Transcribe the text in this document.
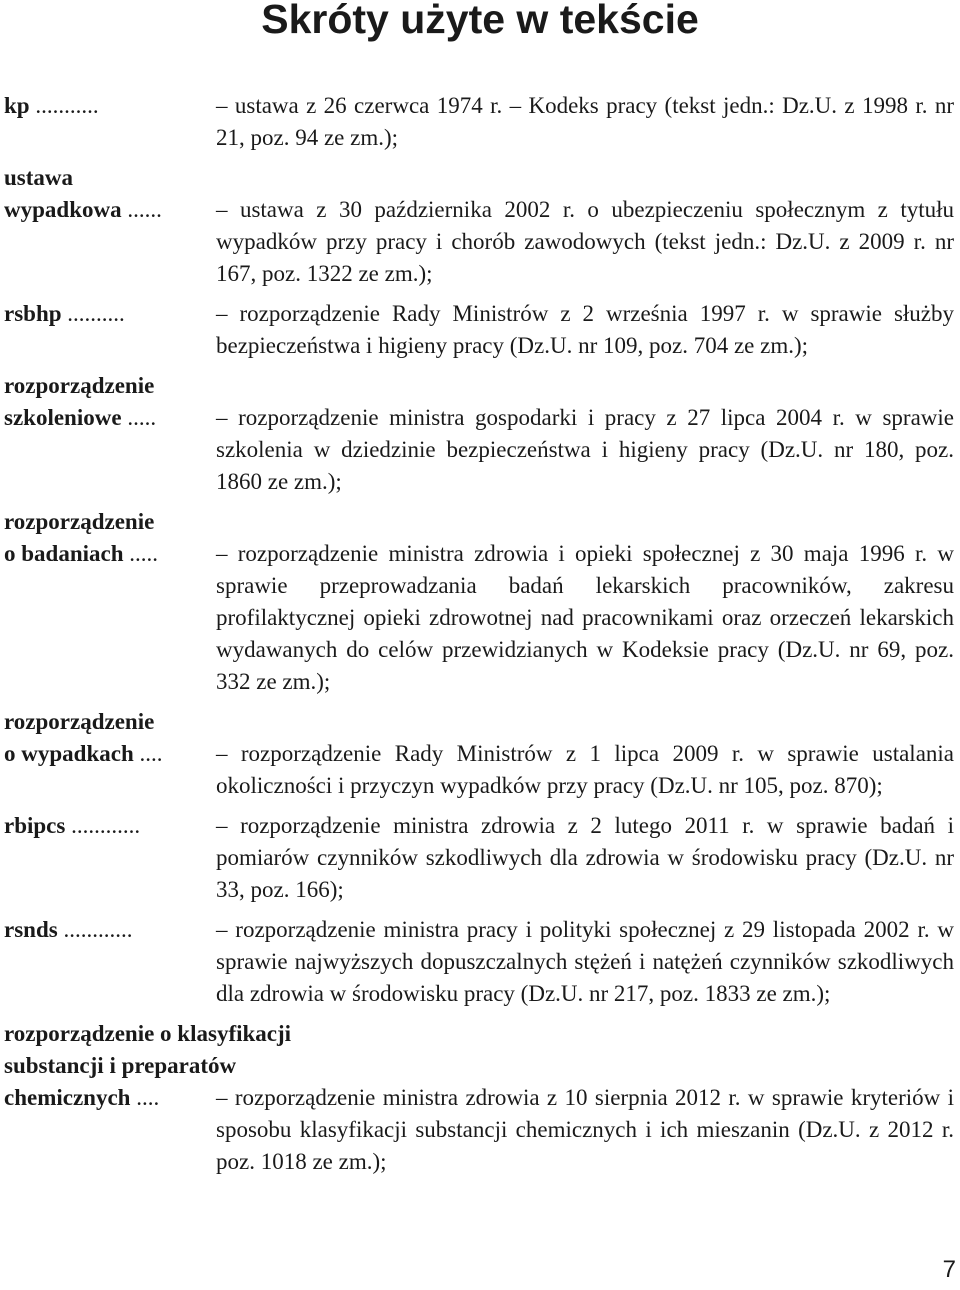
Skróty użyte w tekście
kp ...........	– ustawa z 26 czerwca 1974 r. – Kodeks pracy (tekst jedn.: Dz.U. z 1998 r. nr 21, poz. 94 ze zm.);
ustawa
wypadkowa ......	– ustawa z 30 października 2002 r. o ubezpieczeniu społecznym z tytułu wypadków przy pracy i chorób zawodowych (tekst jedn.: Dz.U. z 2009 r. nr 167, poz. 1322 ze zm.);
rsbhp ..........	– rozporządzenie Rady Ministrów z 2 września 1997 r. w sprawie służby bezpieczeństwa i higieny pracy (Dz.U. nr 109, poz. 704 ze zm.);
rozporządzenie
szkoleniowe .....	– rozporządzenie ministra gospodarki i pracy z 27 lipca 2004 r. w sprawie szkolenia w dziedzinie bezpieczeństwa i higieny pracy (Dz.U. nr 180, poz. 1860 ze zm.);
rozporządzenie
o badaniach .....	– rozporządzenie ministra zdrowia i opieki społecznej z 30 maja 1996 r. w sprawie przeprowadzania badań lekarskich pracowników, zakresu profilaktycznej opieki zdrowotnej nad pracownikami oraz orzeczeń lekarskich wydawanych do celów przewidzianych w Kodeksie pracy (Dz.U. nr 69, poz. 332 ze zm.);
rozporządzenie
o wypadkach ....	– rozporządzenie Rady Ministrów z 1 lipca 2009 r. w sprawie ustalania okoliczności i przyczyn wypadków przy pracy (Dz.U. nr 105, poz. 870);
rbipcs ............	– rozporządzenie ministra zdrowia z 2 lutego 2011 r. w sprawie badań i pomiarów czynników szkodliwych dla zdrowia w środowisku pracy (Dz.U. nr 33, poz. 166);
rsnds ............	– rozporządzenie ministra pracy i polityki społecznej z 29 listopada 2002 r. w sprawie najwyższych dopuszczalnych stężeń i natężeń czynników szkodliwych dla zdrowia w środowisku pracy (Dz.U. nr 217, poz. 1833 ze zm.);
rozporządzenie o klasyfikacji
substancji i preparatów
chemicznych ....	– rozporządzenie ministra zdrowia z 10 sierpnia 2012 r. w sprawie kryteriów i sposobu klasyfikacji substancji chemicznych i ich mieszanin (Dz.U. z 2012 r. poz. 1018 ze zm.);
7
